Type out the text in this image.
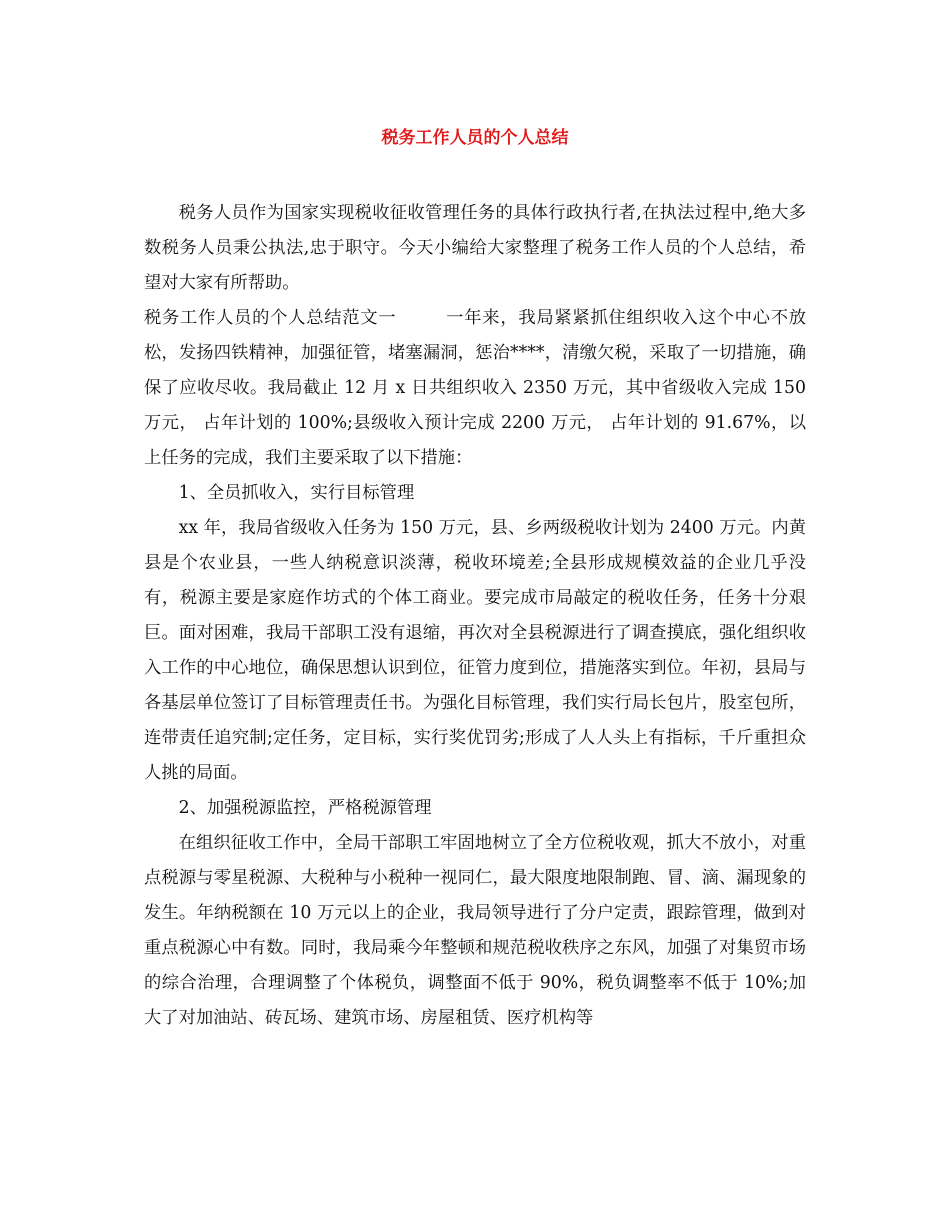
税务工作人员的个人总结

税务人员作为国家实现税收征收管理任务的具体行政执行者,在执法过程中,绝大多数税务人员秉公执法,忠于职守。今天小编给大家整理了税务工作人员的个人总结，希望对大家有所帮助。

税务工作人员的个人总结范文一        一年来，我局紧紧抓住组织收入这个中心不放松，发扬四铁精神，加强征管，堵塞漏洞，惩治****，清缴欠税，采取了一切措施，确保了应收尽收。我局截止 12 月 x 日共组织收入 2350 万元，其中省级收入完成 150 万元， 占年计划的 100%;县级收入预计完成 2200 万元， 占年计划的 91.67%，以上任务的完成，我们主要采取了以下措施：

1、全员抓收入，实行目标管理

xx 年，我局省级收入任务为 150 万元，县、乡两级税收计划为 2400 万元。内黄县是个农业县，一些人纳税意识淡薄，税收环境差;全县形成规模效益的企业几乎没有，税源主要是家庭作坊式的个体工商业。要完成市局敲定的税收任务，任务十分艰巨。面对困难，我局干部职工没有退缩，再次对全县税源进行了调查摸底，强化组织收入工作的中心地位，确保思想认识到位，征管力度到位，措施落实到位。年初，县局与各基层单位签订了目标管理责任书。为强化目标管理，我们实行局长包片，股室包所，连带责任追究制;定任务，定目标，实行奖优罚劣;形成了人人头上有指标，千斤重担众人挑的局面。

2、加强税源监控，严格税源管理

在组织征收工作中，全局干部职工牢固地树立了全方位税收观，抓大不放小，对重点税源与零星税源、大税种与小税种一视同仁，最大限度地限制跑、冒、滴、漏现象的发生。年纳税额在 10 万元以上的企业，我局领导进行了分户定责，跟踪管理，做到对重点税源心中有数。同时，我局乘今年整顿和规范税收秩序之东风，加强了对集贸市场的综合治理，合理调整了个体税负，调整面不低于 90%，税负调整率不低于 10%;加大了对加油站、砖瓦场、建筑市场、房屋租赁、医疗机构等
